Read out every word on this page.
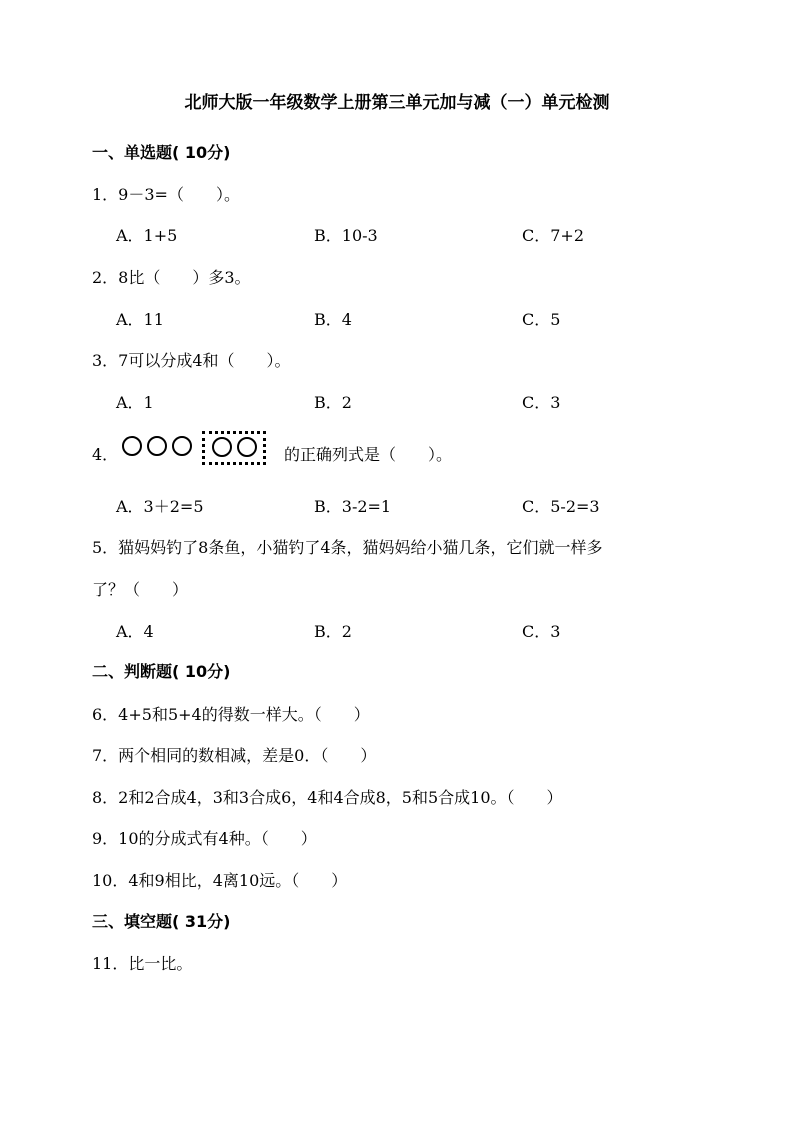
北师大版一年级数学上册第三单元加与减（一）单元检测
一、单选题( 10分)
1．9－3=（　　）。
A．1+5	B．10-3	C．7+2
2．8比（　　）多3。
A．11	B．4	C．5
3．7可以分成4和（　　）。
A．1	B．2	C．3
4．

	的正确列式是（　　）。
A．3＋2=5	B．3-2=1	C．5-2=3
5．猫妈妈钓了8条鱼，小猫钓了4条，猫妈妈给小猫几条，它们就一样多
了？（　　）
A．4	B．2	C．3
二、判断题( 10分)
6．4+5和5+4的得数一样大。（　　）
7．两个相同的数相减，差是0．（　　）
8．2和2合成4，3和3合成6，4和4合成8，5和5合成10。（　　）
9．10的分成式有4种。（　　）
10．4和9相比，4离10远。（　　）
三、填空题( 31分)
11．比一比。
